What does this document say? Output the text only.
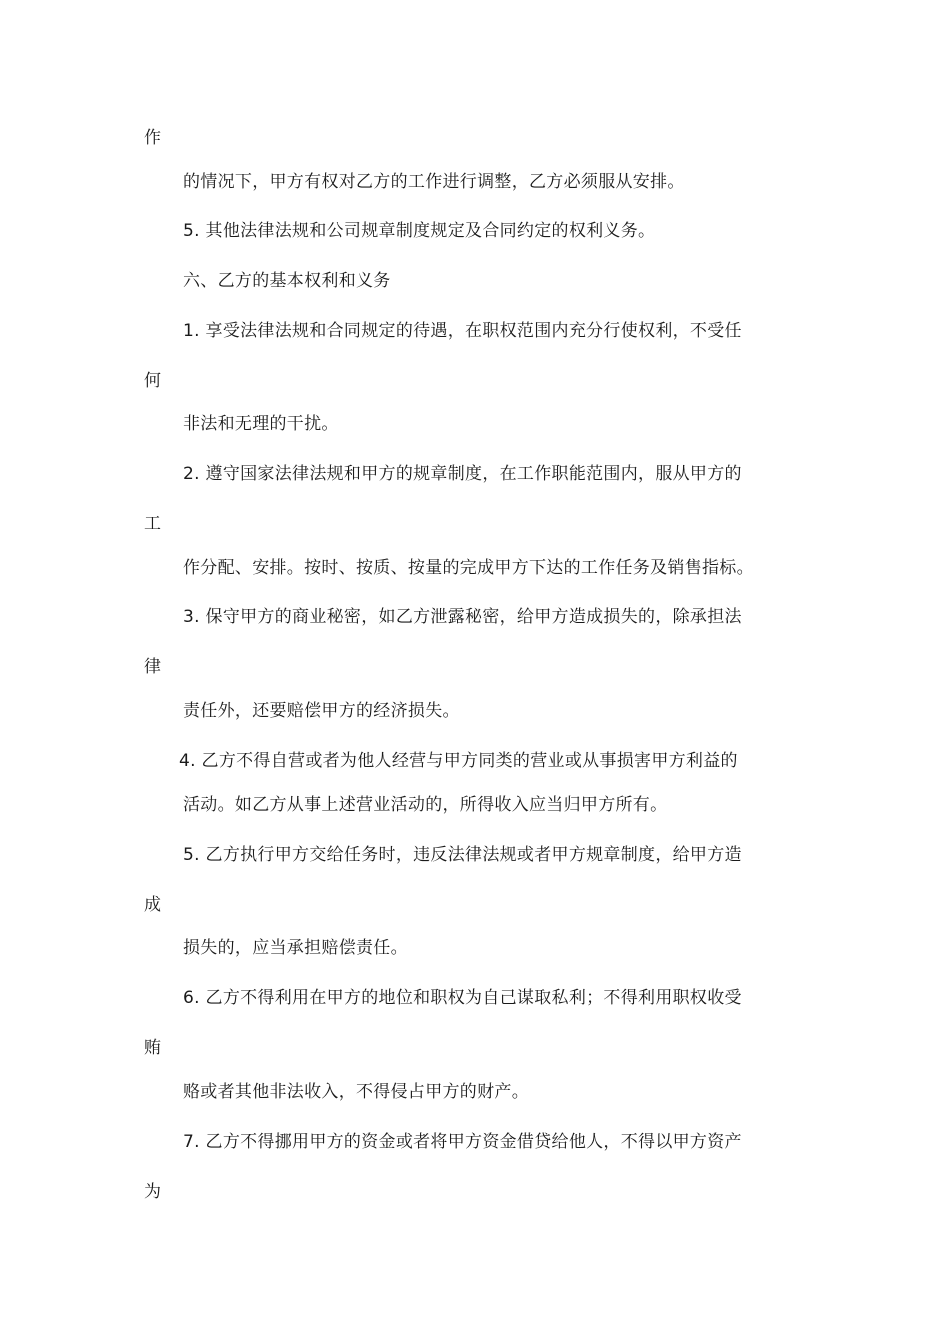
作
的情况下，甲方有权对乙方的工作进行调整，乙方必须服从安排。
5. 其他法律法规和公司规章制度规定及合同约定的权利义务。
六、乙方的基本权利和义务
1. 享受法律法规和合同规定的待遇，在职权范围内充分行使权利，不受任
何
非法和无理的干扰。
2. 遵守国家法律法规和甲方的规章制度，在工作职能范围内，服从甲方的
工
作分配、安排。按时、按质、按量的完成甲方下达的工作任务及销售指标。
3. 保守甲方的商业秘密，如乙方泄露秘密，给甲方造成损失的，除承担法
律
责任外，还要赔偿甲方的经济损失。
4. 乙方不得自营或者为他人经营与甲方同类的营业或从事损害甲方利益的
活动。如乙方从事上述营业活动的，所得收入应当归甲方所有。
5. 乙方执行甲方交给任务时，违反法律法规或者甲方规章制度，给甲方造
成
损失的，应当承担赔偿责任。
6. 乙方不得利用在甲方的地位和职权为自己谋取私利；不得利用职权收受
贿
赂或者其他非法收入，不得侵占甲方的财产。
7. 乙方不得挪用甲方的资金或者将甲方资金借贷给他人，不得以甲方资产
为
